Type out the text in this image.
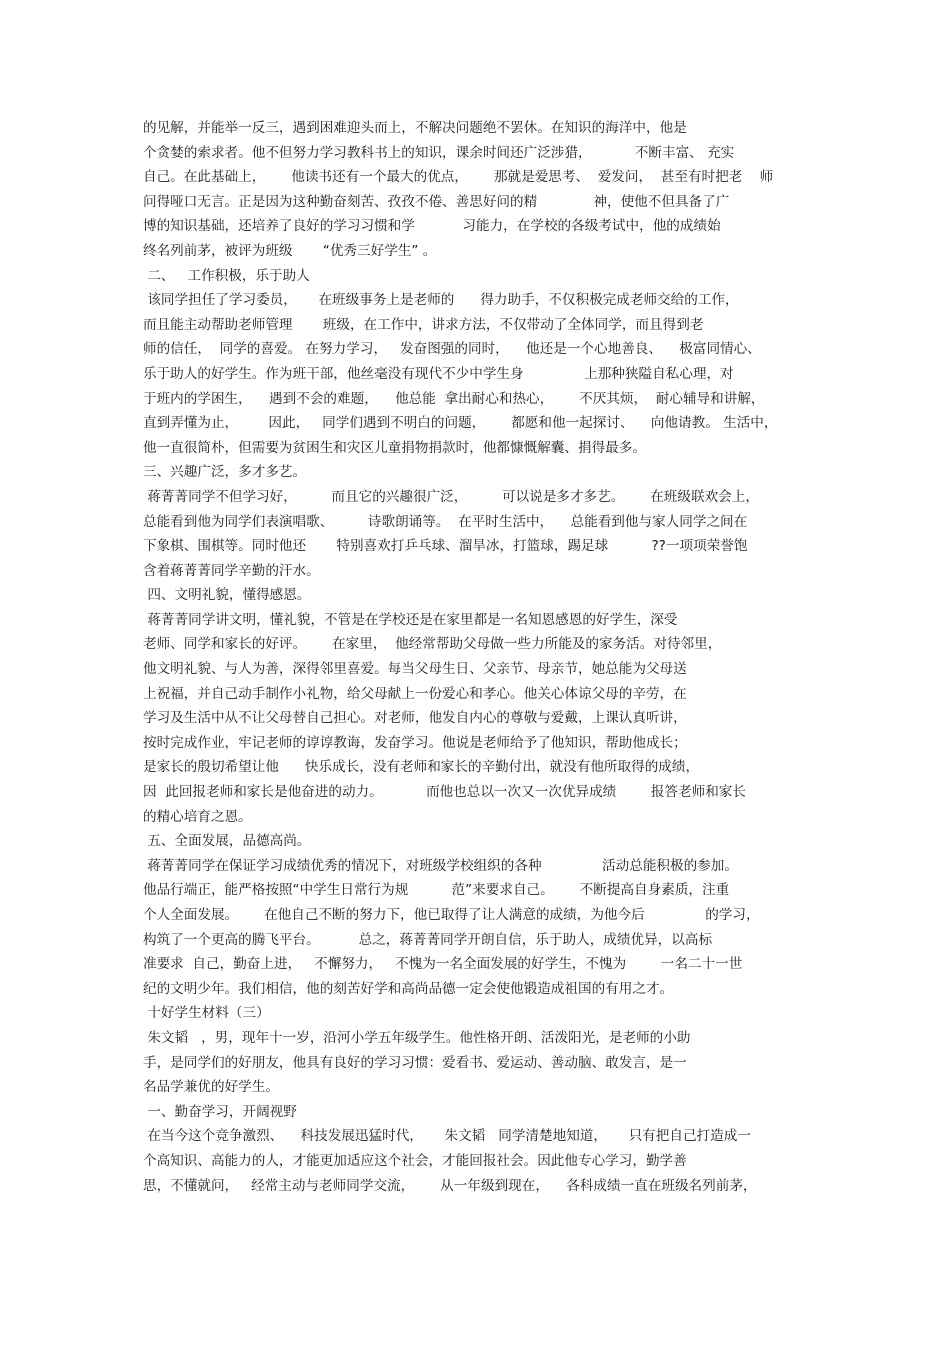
的见解，并能举一反三，遇到困难迎头而上，不解决问题绝不罢休。在知识的海洋中，他是
个贪婪的索求者。他不但努力学习教科书上的知识，课余时间还广泛涉猎，          不断丰富、 充实
自己。在此基础上，      他读书还有一个最大的优点，      那就是爱思考、  爱发问，  甚至有时把老    师
问得哑口无言。正是因为这种勤奋刻苦、孜孜不倦、善思好问的精             神，使他不但具备了广
博的知识基础，还培养了良好的学习习惯和学           习能力，在学校的各级考试中，他的成绩始
终名列前茅，被评为班级       “优秀三好学生” 。
二、   工作积极，乐于助人
该同学担任了学习委员，     在班级事务上是老师的      得力助手，不仅积极完成老师交给的工作，
而且能主动帮助老师管理       班级，在工作中，讲求方法，不仅带动了全体同学，而且得到老
师的信任，  同学的喜爱。 在努力学习，   发奋图强的同时，    他还是一个心地善良、    极富同情心、
乐于助人的好学生。作为班干部，他丝毫没有现代不少中学生身              上那种狭隘自私心理，对
于班内的学困生，    遇到不会的难题，    他总能  拿出耐心和热心，      不厌其烦，  耐心辅导和讲解，
直到弄懂为止，       因此，   同学们遇到不明白的问题，      都愿和他一起探讨、    向他请教。 生活中，
他一直很简朴，但需要为贫困生和灾区儿童捐物捐款时，他都慷慨解囊、捐得最多。
三、兴趣广泛，多才多艺。
蒋菁菁同学不但学习好，        而且它的兴趣很广泛，        可以说是多才多艺。      在班级联欢会上，
总能看到他为同学们表演唱歌、        诗歌朗诵等。  在平时生活中，    总能看到他与家人同学之间在
下象棋、围棋等。同时他还       特别喜欢打乒乓球、溜旱冰，打篮球，踢足球          ??一项项荣誉饱
含着蒋菁菁同学辛勤的汗水。
四、文明礼貌，懂得感恩。
蒋菁菁同学讲文明，懂礼貌，不管是在学校还是在家里都是一名知恩感恩的好学生，深受
老师、同学和家长的好评。      在家里，  他经常帮助父母做一些力所能及的家务活。对待邻里，
他文明礼貌、与人为善，深得邻里喜爱。每当父母生日、父亲节、母亲节，她总能为父母送
上祝福，并自己动手制作小礼物，给父母献上一份爱心和孝心。他关心体谅父母的辛劳，在
学习及生活中从不让父母替自己担心。对老师，他发自内心的尊敬与爱戴，上课认真听讲，
按时完成作业，牢记老师的谆谆教诲，发奋学习。他说是老师给予了他知识，帮助他成长；
是家长的殷切希望让他      快乐成长，没有老师和家长的辛勤付出，就没有他所取得的成绩，
因  此回报老师和家长是他奋进的动力。          而他也总以一次又一次优异成绩        报答老师和家长
的精心培育之恩。
五、全面发展，品德高尚。
蒋菁菁同学在保证学习成绩优秀的情况下，对班级学校组织的各种              活动总能积极的参加。
他品行端正，能严格按照“中学生日常行为规          范”来要求自己。      不断提高自身素质，注重
个人全面发展。      在他自己不断的努力下，他已取得了让人满意的成绩，为他今后              的学习，
构筑了一个更高的腾飞平台。         总之，蒋菁菁同学开朗自信，乐于助人，成绩优异，以高标
准要求  自己，勤奋上进，   不懈努力，   不愧为一名全面发展的好学生，不愧为        一名二十一世
纪的文明少年。我们相信，他的刻苦好学和高尚品德一定会使他锻造成祖国的有用之才。
十好学生材料（三）
朱文韬   ，男，现年十一岁，沿河小学五年级学生。他性格开朗、活泼阳光，是老师的小助
手，是同学们的好朋友，他具有良好的学习习惯：爱看书、爱运动、善动脑、敢发言，是一
名品学兼优的好学生。
一、勤奋学习，开阔视野
在当今这个竞争激烈、    科技发展迅猛时代，     朱文韬   同学清楚地知道，     只有把自己打造成一
个高知识、高能力的人，才能更加适应这个社会，才能回报社会。因此他专心学习，勤学善
思，不懂就问，   经常主动与老师同学交流，      从一年级到现在，    各科成绩一直在班级名列前茅，
